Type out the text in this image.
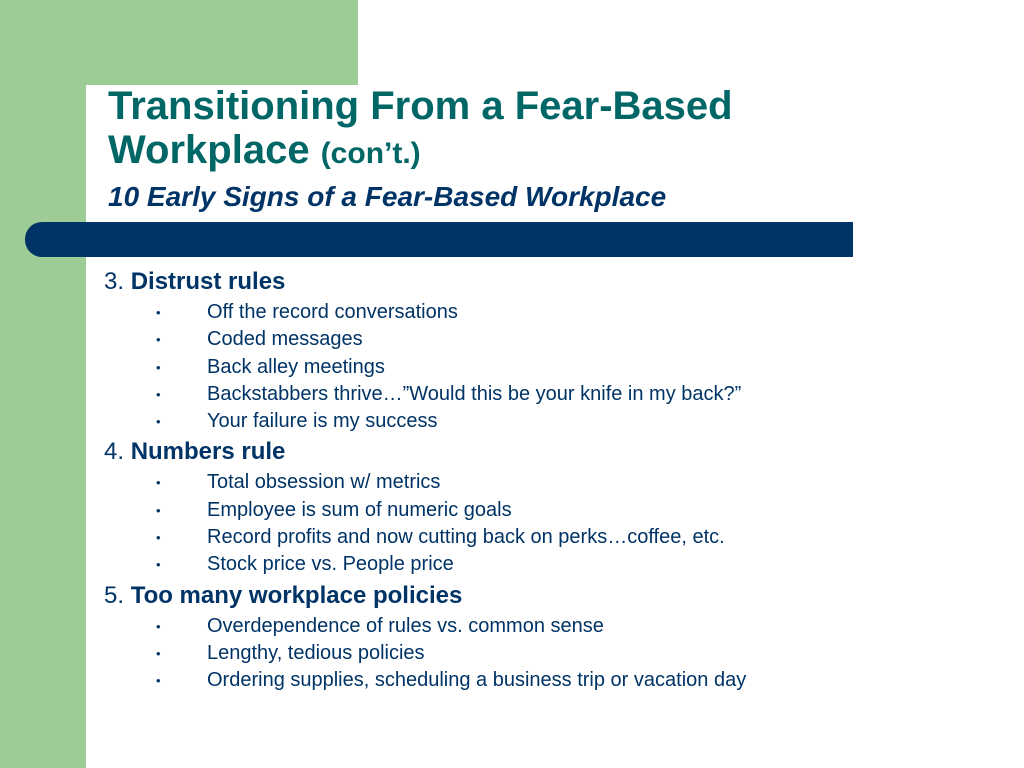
Transitioning From a Fear-Based

Workplace (con’t.)

10 Early Signs of a Fear-Based Workplace

3. Distrust rules
• Off the record conversations
• Coded messages
• Back alley meetings
• Backstabbers thrive…”Would this be your knife in my back?”
• Your failure is my success
4. Numbers rule
• Total obsession w/ metrics
• Employee is sum of numeric goals
• Record profits and now cutting back on perks…coffee, etc.
• Stock price vs. People price
5. Too many workplace policies
• Overdependence of rules vs. common sense
• Lengthy, tedious policies
• Ordering supplies, scheduling a business trip or vacation day
